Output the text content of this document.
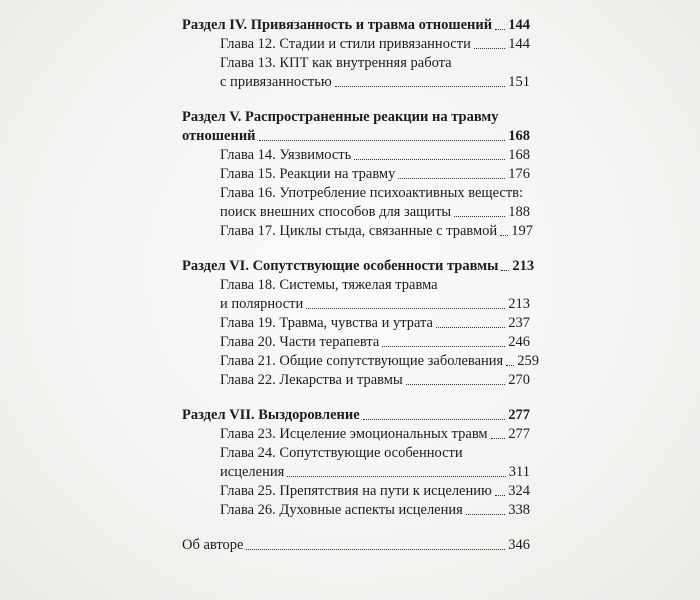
Раздел IV. Привязанность и травма отношений 144
Глава 12. Стадии и стили привязанности	144
Глава 13. КПТ как внутренняя работа
с привязанностью	151
Раздел V. Распространенные реакции на травму
отношений	168
Глава 14. Уязвимость	168
Глава 15. Реакции на травму	176
Глава 16. Употребление психоактивных веществ:
поиск внешних способов для защиты	188
Глава 17. Циклы стыда, связанные с травмой 197
Раздел VI. Сопутствующие особенности травмы 213
Глава 18. Системы, тяжелая травма
и полярности	213
Глава 19. Травма, чувства и утрата	237
Глава 20. Части терапевта	246
Глава 21. Общие сопутствующие заболевания 259
Глава 22. Лекарства и травмы	270
Раздел VII. Выздоровление	277
Глава 23. Исцеление эмоциональных травм 277
Глава 24. Сопутствующие особенности
исцеления	311
Глава 25. Препятствия на пути к исцелению 324
Глава 26. Духовные аспекты исцеления	338
Об авторе	346
